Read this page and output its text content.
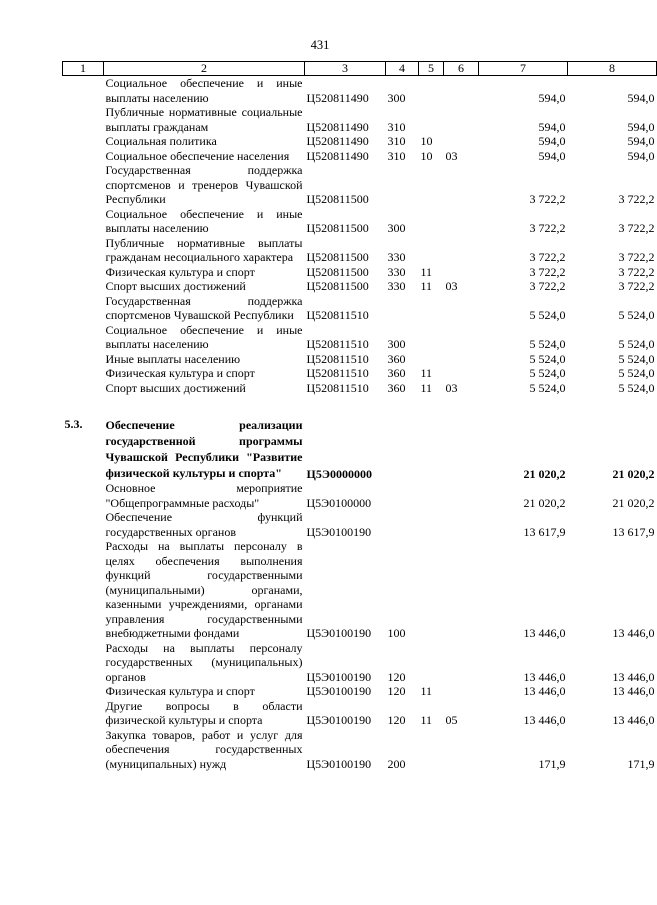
431
1	2	3	4	5	6	7	8
	Социальное обеспечение и иные выплаты населению	Ц520811490	300			594,0	594,0
	Публичные нормативные социальные выплаты гражданам	Ц520811490	310			594,0	594,0
	Социальная политика	Ц520811490	310	10		594,0	594,0
	Социальное обеспечение населения	Ц520811490	310	10	03	594,0	594,0
	Государственная поддержка спортсменов и тренеров Чувашской Республики	Ц520811500				3 722,2	3 722,2
	Социальное обеспечение и иные выплаты населению	Ц520811500	300			3 722,2	3 722,2
	Публичные нормативные выплаты гражданам несоциального характера	Ц520811500	330			3 722,2	3 722,2
	Физическая культура и спорт	Ц520811500	330	11		3 722,2	3 722,2
	Спорт высших достижений	Ц520811500	330	11	03	3 722,2	3 722,2
	Государственная поддержка спортсменов Чувашской Республики	Ц520811510				5 524,0	5 524,0
	Социальное обеспечение и иные выплаты населению	Ц520811510	300			5 524,0	5 524,0
	Иные выплаты населению	Ц520811510	360			5 524,0	5 524,0
	Физическая культура и спорт	Ц520811510	360	11		5 524,0	5 524,0
	Спорт высших достижений	Ц520811510	360	11	03	5 524,0	5 524,0

5.3.	Обеспечение реализации государственной программы Чувашской Республики "Развитие физической культуры и спорта"	Ц5Э0000000				21 020,2	21 020,2
	Основное мероприятие "Общепрограммные расходы"	Ц5Э0100000				21 020,2	21 020,2
	Обеспечение функций государственных органов	Ц5Э0100190				13 617,9	13 617,9
	Расходы на выплаты персоналу в целях обеспечения выполнения функций государственными (муниципальными) органами, казенными учреждениями, органами управления государственными внебюджетными фондами	Ц5Э0100190	100			13 446,0	13 446,0
	Расходы на выплаты персоналу государственных (муниципальных) органов	Ц5Э0100190	120			13 446,0	13 446,0
	Физическая культура и спорт	Ц5Э0100190	120	11		13 446,0	13 446,0
	Другие вопросы в области физической культуры и спорта	Ц5Э0100190	120	11	05	13 446,0	13 446,0
	Закупка товаров, работ и услуг для обеспечения государственных (муниципальных) нужд	Ц5Э0100190	200			171,9	171,9
